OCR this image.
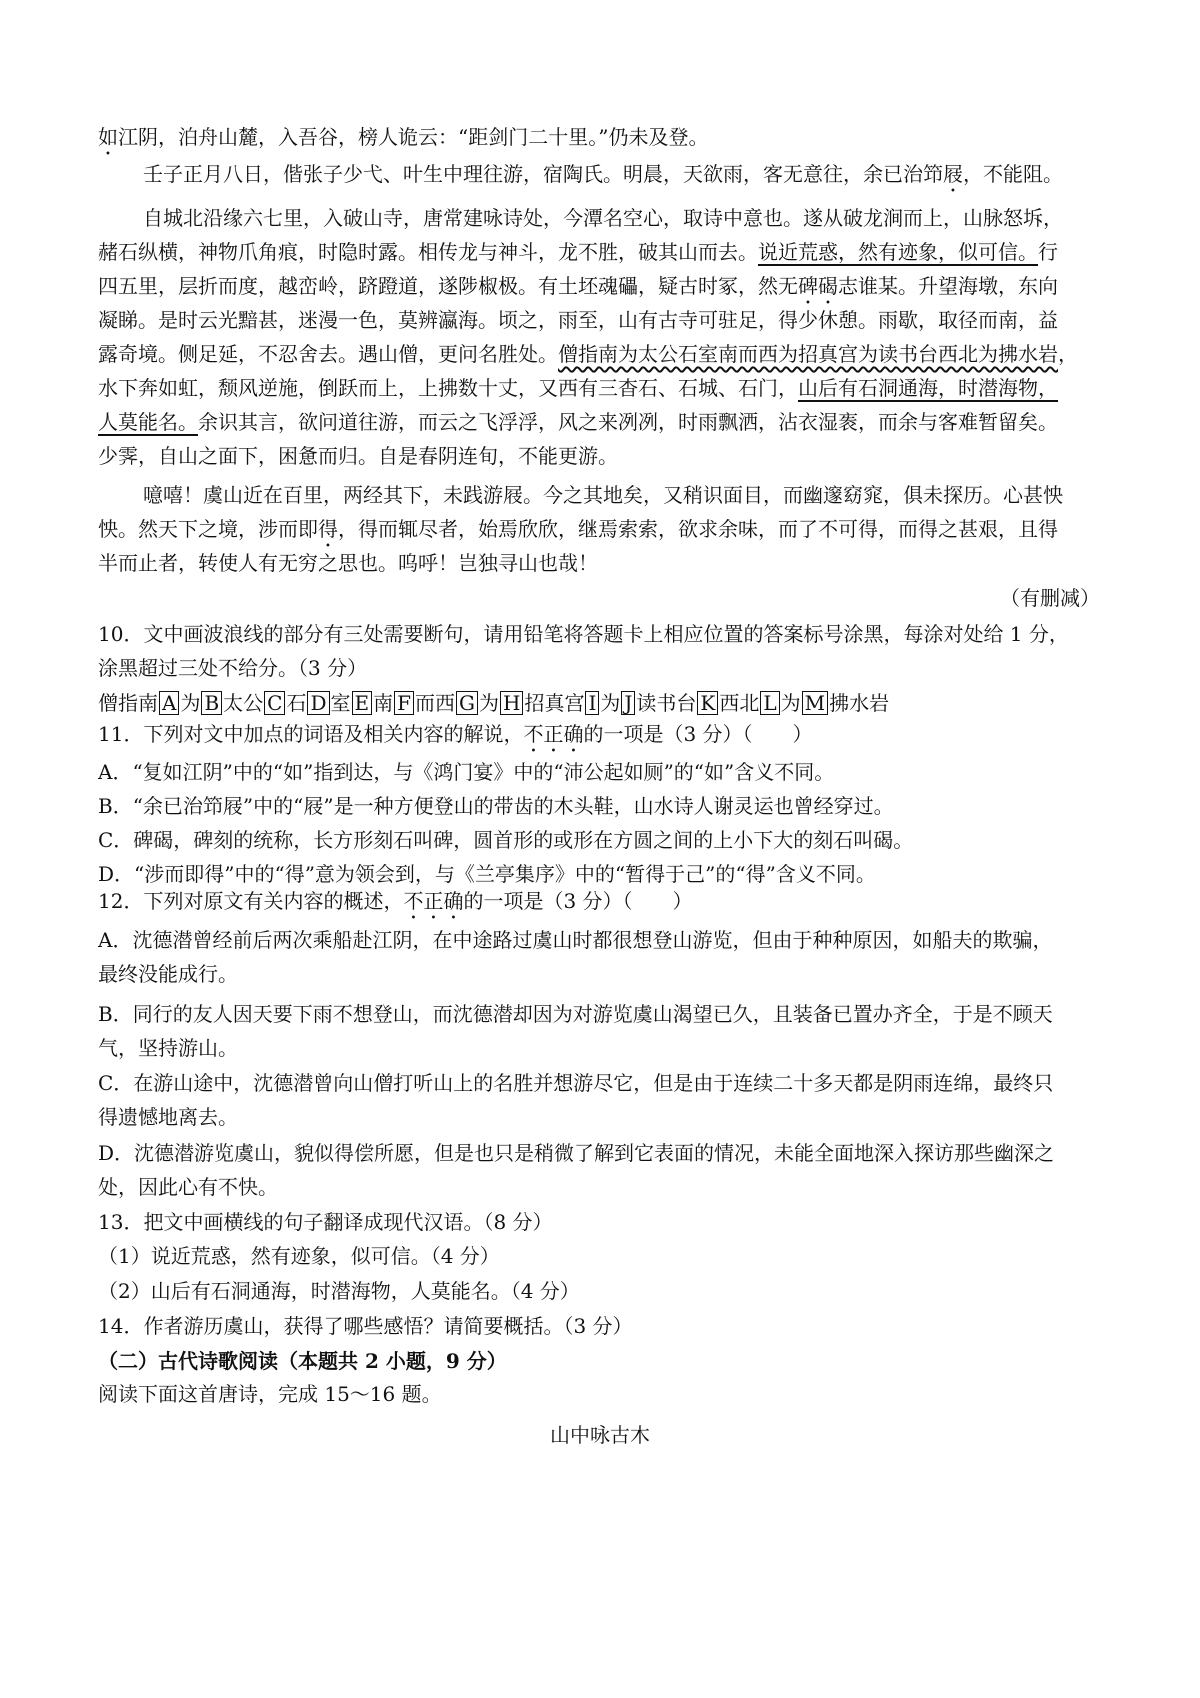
如江阴，泊舟山麓，入吾谷，榜人诡云：“距剑门二十里。”仍未及登。
壬子正月八日，偕张子少弋、叶生中理往游，宿陶氏。明晨，天欲雨，客无意往，余已治笻屐，不能阻。
自城北沿缘六七里，入破山寺，唐常建咏诗处，今潭名空心，取诗中意也。遂从破龙涧而上，山脉怒坼，
赭石纵横，神物爪角痕，时隐时露。相传龙与神斗，龙不胜，破其山而去。说近荒惑，然有迹象，似可信。行
四五里，层折而度，越峦岭，跻蹬道，遂陟椒极。有土坯魂礧，疑古时冢，然无碑碣志谁某。升望海墩，东向
凝睇。是时云光黯甚，迷漫一色，莫辨瀛海。顷之，雨至，山有古寺可驻足，得少休憩。雨歇，取径而南，益
露奇境。侧足延，不忍舍去。遇山僧，更问名胜处。僧指南为太公石室南而西为招真宫为读书台西北为拂水岩，
水下奔如虹，颓风逆施，倒跃而上，上拂数十丈，又西有三杳石、石城、石门，山后有石洞通海，时潜海物，
人莫能名。余识其言，欲问道往游，而云之飞浮浮，风之来冽冽，时雨飘洒，沾衣湿袠，而余与客难暂留矣。
少霁，自山之面下，困惫而归。自是春阴连旬，不能更游。
噫嘻！虞山近在百里，两经其下，未践游屐。今之其地矣，又稍识面目，而幽邃窈窕，俱未探历。心甚怏
怏。然天下之境，涉而即得，得而辄尽者，始焉欣欣，继焉索索，欲求余味，而了不可得，而得之甚艰，且得
半而止者，转使人有无穷之思也。呜呼！岂独寻山也哉！
（有删减）
10．文中画波浪线的部分有三处需要断句，请用铅笔将答题卡上相应位置的答案标号涂黑，每涂对处给 1 分，
涂黑超过三处不给分。（3 分）
僧指南 A 为 B 太公 C 石 D 室 E 南 F 而西 G 为 H 招真宫 I 为 J 读书台 K 西北 L 为 M 拂水岩
11．下列对文中加点的词语及相关内容的解说，不正确的一项是（3 分）（　　）
A．“复如江阴”中的“如”指到达，与《鸿门宴》中的“沛公起如厕”的“如”含义不同。
B．“余已治笻屐”中的“屐”是一种方便登山的带齿的木头鞋，山水诗人谢灵运也曾经穿过。
C．碑碣，碑刻的统称，长方形刻石叫碑，圆首形的或形在方圆之间的上小下大的刻石叫碣。
D．“涉而即得”中的“得”意为领会到，与《兰亭集序》中的“暂得于己”的“得”含义不同。
12．下列对原文有关内容的概述，不正确的一项是（3 分）（　　）
A．沈德潜曾经前后两次乘船赴江阴，在中途路过虞山时都很想登山游览，但由于种种原因，如船夫的欺骗，
最终没能成行。
B．同行的友人因天要下雨不想登山，而沈德潜却因为对游览虞山渴望已久，且装备已置办齐全，于是不顾天
气，坚持游山。
C．在游山途中，沈德潜曾向山僧打听山上的名胜并想游尽它，但是由于连续二十多天都是阴雨连绵，最终只
得遗憾地离去。
D．沈德潜游览虞山，貌似得偿所愿，但是也只是稍微了解到它表面的情况，未能全面地深入探访那些幽深之
处，因此心有不快。
13．把文中画横线的句子翻译成现代汉语。（8 分）
（1）说近荒惑，然有迹象，似可信。（4 分）
（2）山后有石洞通海，时潜海物，人莫能名。（4 分）
14．作者游历虞山，获得了哪些感悟？请简要概括。（3 分）
（二）古代诗歌阅读（本题共 2 小题，9 分）
阅读下面这首唐诗，完成 15～16 题。
山中咏古木
